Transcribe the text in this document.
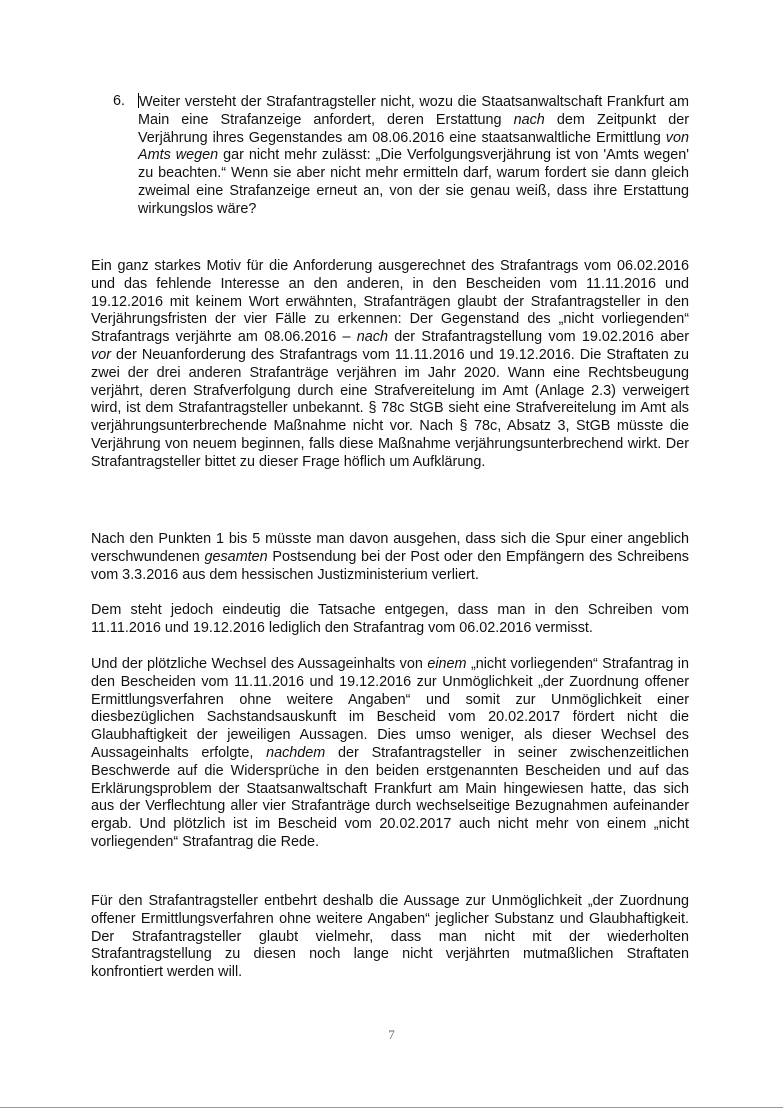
6. Weiter versteht der Strafantragsteller nicht, wozu die Staatsanwaltschaft Frankfurt am Main eine Strafanzeige anfordert, deren Erstattung nach dem Zeitpunkt der Verjährung ihres Gegenstandes am 08.06.2016 eine staatsanwaltliche Ermittlung von Amts wegen gar nicht mehr zulässt: „Die Verfolgungsverjährung ist von 'Amts wegen' zu beachten.“ Wenn sie aber nicht mehr ermitteln darf, warum fordert sie dann gleich zweimal eine Strafanzeige erneut an, von der sie genau weiß, dass ihre Erstattung wirkungslos wäre?

Ein ganz starkes Motiv für die Anforderung ausgerechnet des Strafantrags vom 06.02.2016 und das fehlende Interesse an den anderen, in den Bescheiden vom 11.11.2016 und 19.12.2016 mit keinem Wort erwähnten, Strafanträgen glaubt der Strafantragsteller in den Verjährungsfristen der vier Fälle zu erkennen: Der Gegenstand des „nicht vorliegenden“ Strafantrags verjährte am 08.06.2016 – nach der Strafantragstellung vom 19.02.2016 aber vor der Neuanforderung des Strafantrags vom 11.11.2016 und 19.12.2016. Die Straftaten zu zwei der drei anderen Strafanträge verjähren im Jahr 2020. Wann eine Rechtsbeugung verjährt, deren Strafverfolgung durch eine Strafvereitelung im Amt (Anlage 2.3) verweigert wird, ist dem Strafantragsteller unbekannt. § 78c StGB sieht eine Strafvereitelung im Amt als verjährungsunterbrechende Maßnahme nicht vor. Nach § 78c, Absatz 3, StGB müsste die Verjährung von neuem beginnen, falls diese Maßnahme verjährungsunterbrechend wirkt. Der Strafantragsteller bittet zu dieser Frage höflich um Aufklärung.

Nach den Punkten 1 bis 5 müsste man davon ausgehen, dass sich die Spur einer angeblich verschwundenen gesamten Postsendung bei der Post oder den Empfängern des Schreibens vom 3.3.2016 aus dem hessischen Justizministerium verliert.

Dem steht jedoch eindeutig die Tatsache entgegen, dass man in den Schreiben vom 11.11.2016 und 19.12.2016 lediglich den Strafantrag vom 06.02.2016 vermisst.

Und der plötzliche Wechsel des Aussageinhalts von einem „nicht vorliegenden“ Strafantrag in den Bescheiden vom 11.11.2016 und 19.12.2016 zur Unmöglichkeit „der Zuordnung offener Ermittlungsverfahren ohne weitere Angaben“ und somit zur Unmöglichkeit einer diesbezüglichen Sachstandsauskunft im Bescheid vom 20.02.2017 fördert nicht die Glaubhaftigkeit der jeweiligen Aussagen. Dies umso weniger, als dieser Wechsel des Aussageinhalts erfolgte, nachdem der Strafantragsteller in seiner zwischenzeitlichen Beschwerde auf die Widersprüche in den beiden erstgenannten Bescheiden und auf das Erklärungsproblem der Staatsanwaltschaft Frankfurt am Main hingewiesen hatte, das sich aus der Verflechtung aller vier Strafanträge durch wechselseitige Bezugnahmen aufeinander ergab. Und plötzlich ist im Bescheid vom 20.02.2017 auch nicht mehr von einem „nicht vorliegenden“ Strafantrag die Rede.

Für den Strafantragsteller entbehrt deshalb die Aussage zur Unmöglichkeit „der Zuordnung offener Ermittlungsverfahren ohne weitere Angaben“ jeglicher Substanz und Glaubhaftigkeit. Der Strafantragsteller glaubt vielmehr, dass man nicht mit der wiederholten Strafantragstellung zu diesen noch lange nicht verjährten mutmaßlichen Straftaten konfrontiert werden will.

7
